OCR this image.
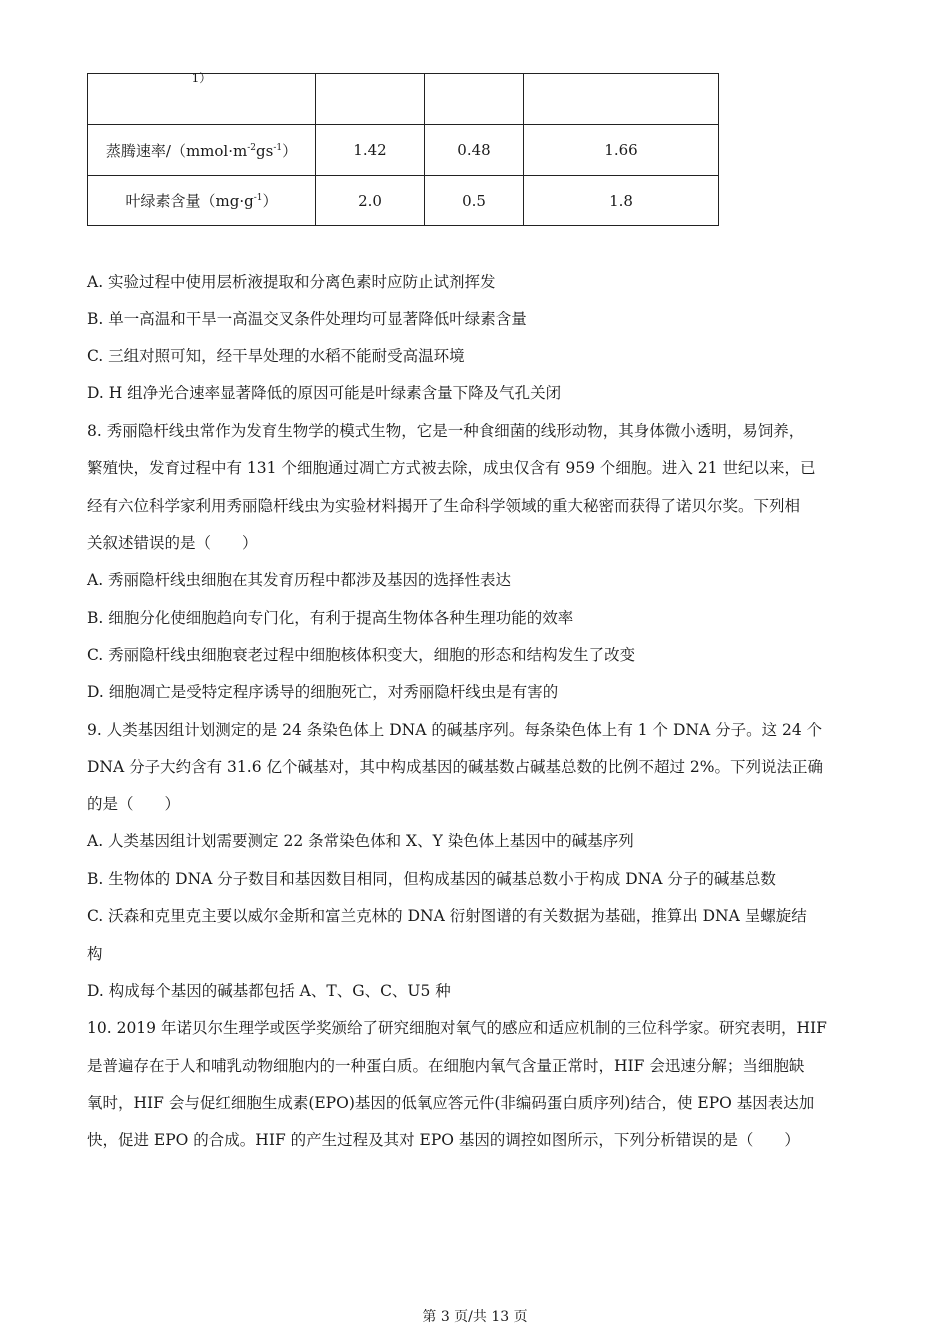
$^{1)}$			
蒸腾速率$/(mmol\cdot m^{-2}gs^{-1})$	1.42	0.48	1.66
叶绿素含量$(mg\cdot g^{-1})$	2.0	0.5	1.8
A. 实验过程中使用层析液提取和分离色素时应防止试剂挥发
B. 单一高温和干旱一高温交叉条件处理均可显著降低叶绿素含量
C. 三组对照可知，经干旱处理的水稻不能耐受高温环境
D. H 组净光合速率显著降低的原因可能是叶绿素含量下降及气孔关闭
8. 秀丽隐杆线虫常作为发育生物学的模式生物，它是一种食细菌的线形动物，其身体微小透明，易饲养，
繁殖快，发育过程中有 131 个细胞通过凋亡方式被去除，成虫仅含有 959 个细胞。进入 21 世纪以来，已
经有六位科学家利用秀丽隐杆线虫为实验材料揭开了生命科学领域的重大秘密而获得了诺贝尔奖。下列相
关叙述错误的是（　　）
A. 秀丽隐杆线虫细胞在其发育历程中都涉及基因的选择性表达
B. 细胞分化使细胞趋向专门化，有利于提高生物体各种生理功能的效率
C. 秀丽隐杆线虫细胞衰老过程中细胞核体积变大，细胞的形态和结构发生了改变
D. 细胞凋亡是受特定程序诱导的细胞死亡，对秀丽隐杆线虫是有害的
9. 人类基因组计划测定的是 24 条染色体上 DNA 的碱基序列。每条染色体上有 1 个 DNA 分子。这 24 个
DNA 分子大约含有 31.6 亿个碱基对，其中构成基因的碱基数占碱基总数的比例不超过 2%。下列说法正确
的是（　　）
A. 人类基因组计划需要测定 22 条常染色体和 X、Y 染色体上基因中的碱基序列
B. 生物体的 DNA 分子数目和基因数目相同，但构成基因的碱基总数小于构成 DNA 分子的碱基总数
C. 沃森和克里克主要以威尔金斯和富兰克林的 DNA 衍射图谱的有关数据为基础，推算出 DNA 呈螺旋结
构
D. 构成每个基因的碱基都包括 A、T、G、C、U5 种
10. 2019 年诺贝尔生理学或医学奖颁给了研究细胞对氧气的感应和适应机制的三位科学家。研究表明，HIF
是普遍存在于人和哺乳动物细胞内的一种蛋白质。在细胞内氧气含量正常时，HIF 会迅速分解；当细胞缺
氧时，HIF 会与促红细胞生成素(EPO)基因的低氧应答元件(非编码蛋白质序列)结合，使 EPO 基因表达加
快，促进 EPO 的合成。HIF 的产生过程及其对 EPO 基因的调控如图所示，下列分析错误的是（　　）
第 3 页/共 13 页
